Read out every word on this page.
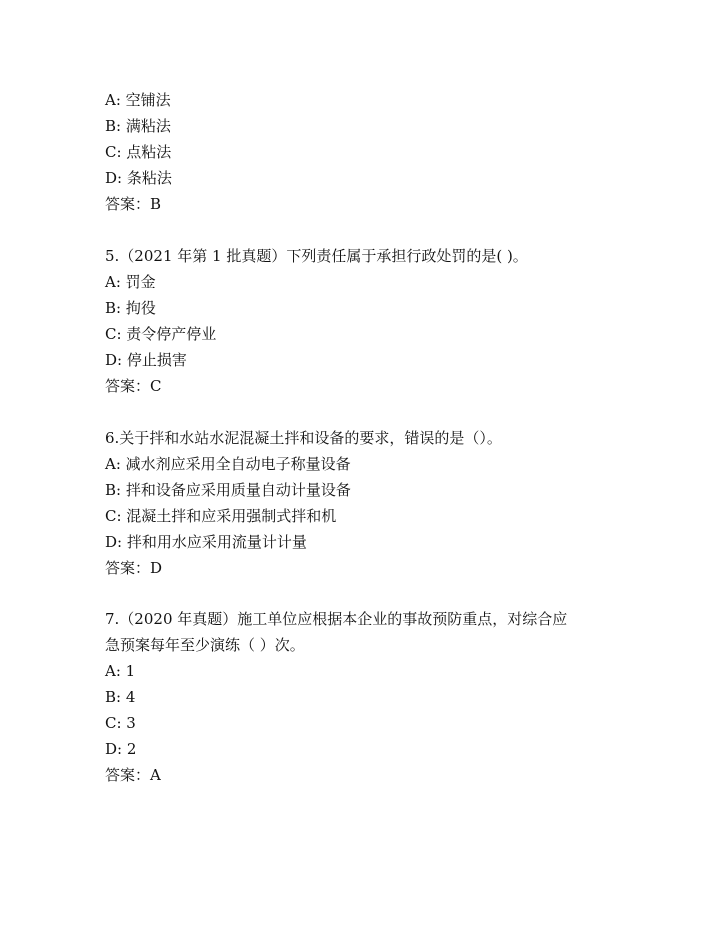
A: 空铺法

B: 满粘法

C: 点粘法

D: 条粘法

答案：B

5.（2021 年第 1 批真题）下列责任属于承担行政处罚的是( )。

A: 罚金

B: 拘役

C: 责令停产停业

D: 停止损害

答案：C

6.关于拌和水站水泥混凝土拌和设备的要求，错误的是（）。

A: 减水剂应采用全自动电子称量设备

B: 拌和设备应采用质量自动计量设备

C: 混凝土拌和应采用强制式拌和机

D: 拌和用水应采用流量计计量

答案：D

7.（2020 年真题）施工单位应根据本企业的事故预防重点，对综合应

急预案每年至少演练（ ）次。

A: 1

B: 4

C: 3

D: 2

答案：A
